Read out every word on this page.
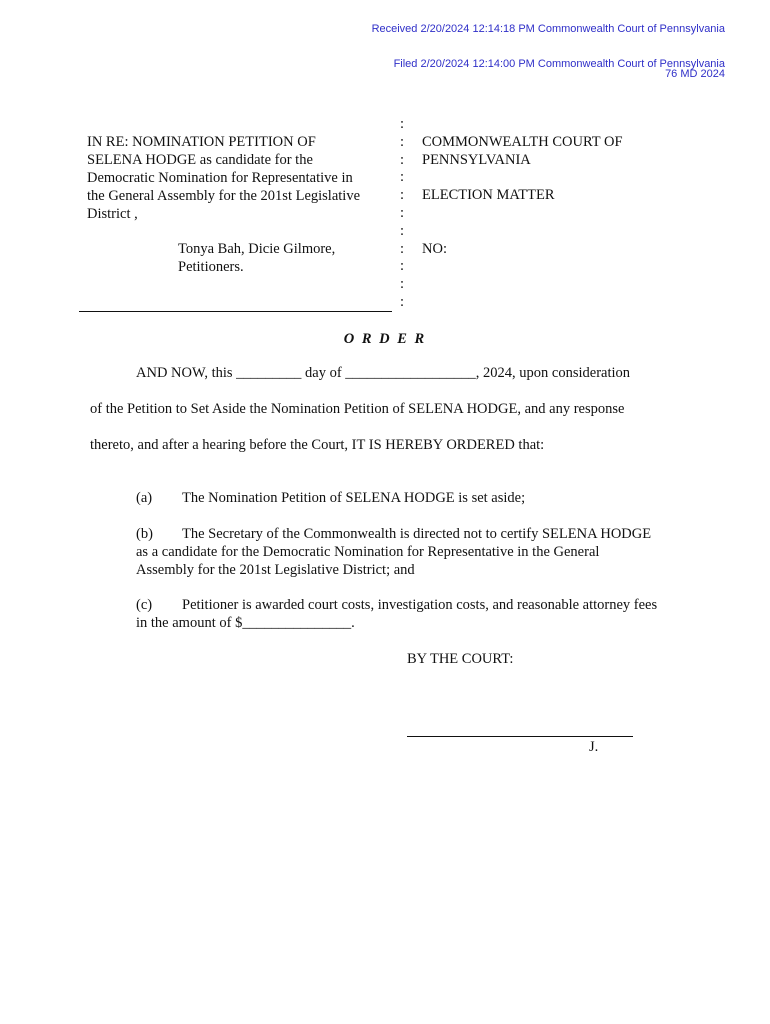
Received 2/20/2024 12:14:18 PM Commonwealth Court of Pennsylvania
Filed 2/20/2024 12:14:00 PM Commonwealth Court of Pennsylvania
76 MD 2024
IN RE: NOMINATION PETITION OF
SELENA HODGE as candidate for the
Democratic Nomination for Representative in
the General Assembly for the 201st Legislative
District ,
Tonya Bah, Dicie Gilmore,
Petitioners.
:
:
:
:
:
:
:
:
:
:
:
COMMONWEALTH COURT OF
PENNSYLVANIA
ELECTION MATTER
NO:
O R D E R
AND NOW, this _________ day of __________________, 2024, upon consideration
of the Petition to Set Aside the Nomination Petition of SELENA HODGE, and any response
thereto, and after a hearing before the Court, IT IS HEREBY ORDERED that:
(a) The Nomination Petition of SELENA HODGE is set aside;
(b) The Secretary of the Commonwealth is directed not to certify SELENA HODGE
as a candidate for the Democratic Nomination for Representative in the General
Assembly for the 201st Legislative District; and
(c) Petitioner is awarded court costs, investigation costs, and reasonable attorney fees
in the amount of $_______________.
BY THE COURT:
J.
